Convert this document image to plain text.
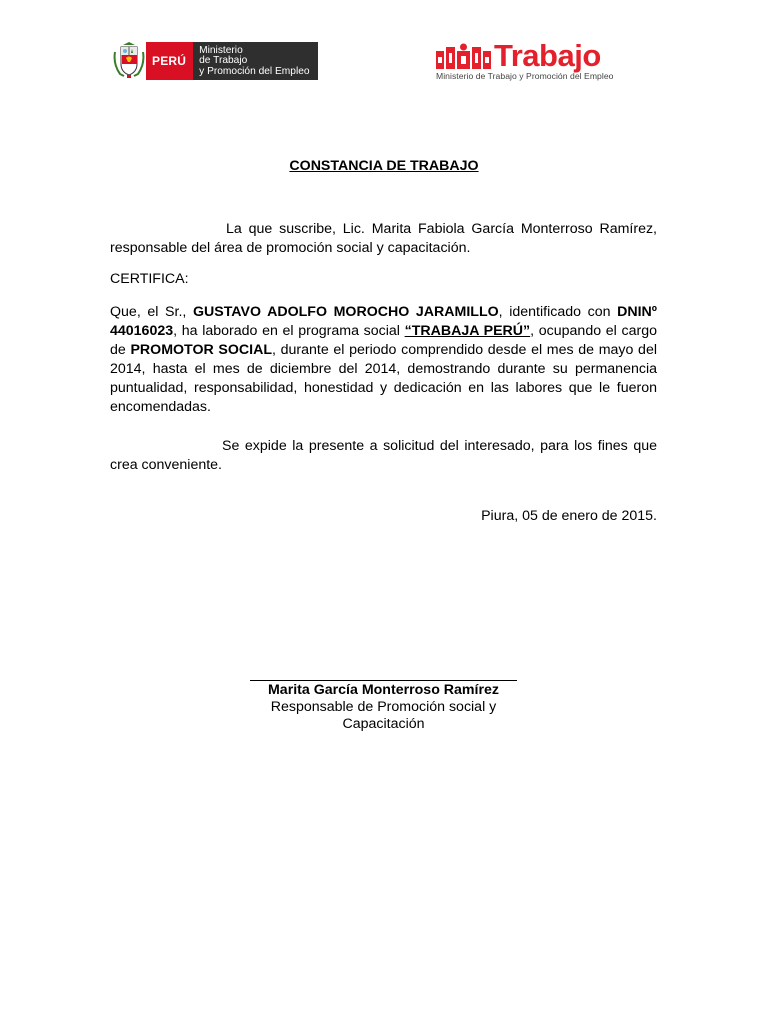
PERÚ
Ministerio
de Trabajo
y Promoción del Empleo	Trabajo
Ministerio de Trabajo y Promoción del Empleo
CONSTANCIA DE TRABAJO
La que suscribe, Lic. Marita Fabiola García Monterroso Ramírez, responsable del área de promoción social y capacitación.
CERTIFICA:
Que, el Sr., GUSTAVO ADOLFO MOROCHO JARAMILLO, identificado con DNINº 44016023, ha laborado en el programa social “TRABAJA PERÚ”, ocupando el cargo de PROMOTOR SOCIAL, durante el periodo comprendido desde el mes de mayo del 2014, hasta el mes de diciembre del 2014, demostrando durante su permanencia puntualidad, responsabilidad, honestidad y dedicación en las labores que le fueron encomendadas.
Se expide la presente a solicitud del interesado, para los fines que crea conveniente.
Piura, 05 de enero de 2015.
Marita García Monterroso Ramírez
Responsable de Promoción social y
Capacitación
